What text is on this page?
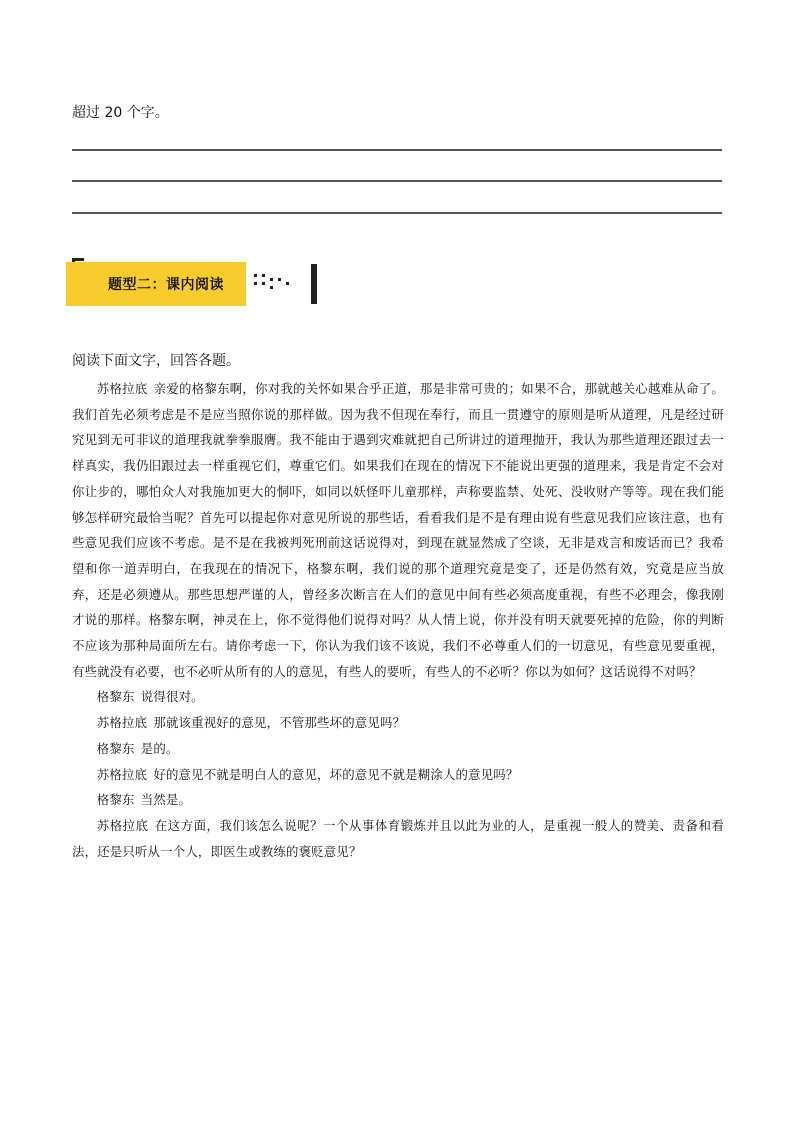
超过 20 个字。
题型二：课内阅读
阅读下面文字，回答各题。

苏格拉底 亲爱的格黎东啊，你对我的关怀如果合乎正道，那是非常可贵的；如果不合，那就越关心越难从命了。我们首先必须考虑是不是应当照你说的那样做。因为我不但现在奉行，而且一贯遵守的原则是听从道理，凡是经过研究见到无可非议的道理我就拳拳服膺。我不能由于遇到灾难就把自己所讲过的道理抛开，我认为那些道理还跟过去一样真实，我仍旧跟过去一样重视它们，尊重它们。如果我们在现在的情况下不能说出更强的道理来，我是肯定不会对你让步的，哪怕众人对我施加更大的恫吓，如同以妖怪吓儿童那样，声称要监禁、处死、没收财产等等。现在我们能够怎样研究最恰当呢？首先可以提起你对意见所说的那些话，看看我们是不是有理由说有些意见我们应该注意，也有些意见我们应该不考虑。是不是在我被判死刑前这话说得对，到现在就显然成了空谈，无非是戏言和废话而已？我希望和你一道弄明白，在我现在的情况下，格黎东啊，我们说的那个道理究竟是变了，还是仍然有效，究竟是应当放弃，还是必须遵从。那些思想严谨的人，曾经多次断言在人们的意见中间有些必须高度重视，有些不必理会，像我刚才说的那样。格黎东啊，神灵在上，你不觉得他们说得对吗？从人情上说，你并没有明天就要死掉的危险，你的判断不应该为那种局面所左右。请你考虑一下，你认为我们该不该说，我们不必尊重人们的一切意见，有些意见要重视，有些就没有必要，也不必听从所有的人的意见，有些人的要听，有些人的不必听？你以为如何？这话说得不对吗？

格黎东 说得很对。

苏格拉底 那就该重视好的意见，不管那些坏的意见吗？

格黎东 是的。

苏格拉底 好的意见不就是明白人的意见，坏的意见不就是糊涂人的意见吗？

格黎东 当然是。

苏格拉底 在这方面，我们该怎么说呢？一个从事体育锻炼并且以此为业的人，是重视一般人的赞美、责备和看法，还是只听从一个人，即医生或教练的褒贬意见？
